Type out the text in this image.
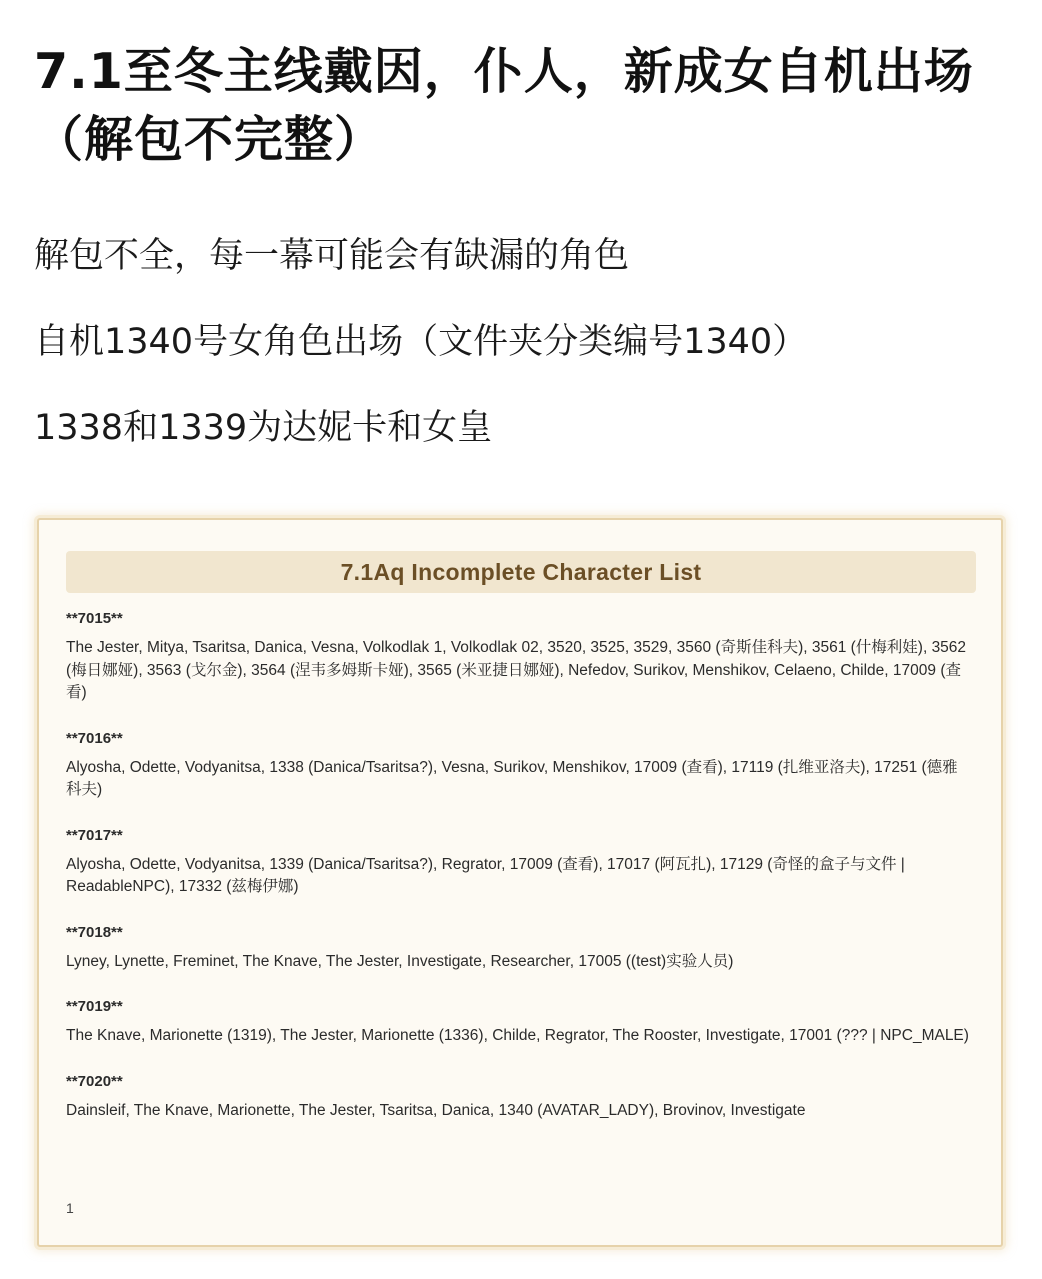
7.1至冬主线戴因，仆人，新成女自机出场（解包不完整）

解包不全，每一幕可能会有缺漏的角色

自机1340号女角色出场（文件夹分类编号1340）

1338和1339为达妮卡和女皇

7.1Aq Incomplete Character List
**7015**
The Jester, Mitya, Tsaritsa, Danica, Vesna, Volkodlak 1, Volkodlak 02, 3520, 3525, 3529, 3560 (奇斯佳科夫), 3561 (什梅利娃), 3562 (梅日娜娅), 3563 (戈尔金), 3564 (涅韦多姆斯卡娅), 3565 (米亚捷日娜娅), Nefedov, Surikov, Menshikov, Celaeno, Childe, 17009 (查看)
**7016**
Alyosha, Odette, Vodyanitsa, 1338 (Danica/Tsaritsa?), Vesna, Surikov, Menshikov, 17009 (查看), 17119 (扎维亚洛夫), 17251 (德雅科夫)
**7017**
Alyosha, Odette, Vodyanitsa, 1339 (Danica/Tsaritsa?), Regrator, 17009 (查看), 17017 (阿瓦扎), 17129 (奇怪的盒子与文件 | ReadableNPC), 17332 (兹梅伊娜)
**7018**
Lyney, Lynette, Freminet, The Knave, The Jester, Investigate, Researcher, 17005 ((test)实验人员)
**7019**
The Knave, Marionette (1319), The Jester, Marionette (1336), Childe, Regrator, The Rooster, Investigate, 17001 (??? | NPC_MALE)
**7020**
Dainsleif, The Knave, Marionette, The Jester, Tsaritsa, Danica, 1340 (AVATAR_LADY), Brovinov, Investigate
1
